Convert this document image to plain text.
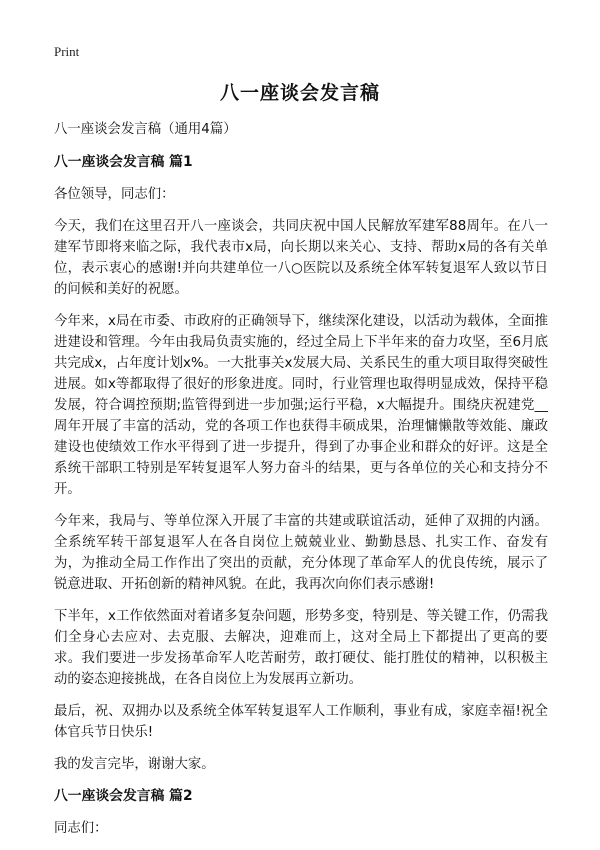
Print
八一座谈会发言稿

八一座谈会发言稿（通用4篇）

八一座谈会发言稿 篇1

各位领导，同志们：

今天，我们在这里召开八一座谈会，共同庆祝中国人民解放军建军88周年。在八一建军节即将来临之际，我代表市x局，向长期以来关心、支持、帮助x局的各有关单位，表示衷心的感谢!并向共建单位一八○医院以及系统全体军转复退军人致以节日的问候和美好的祝愿。

今年来，x局在市委、市政府的正确领导下，继续深化建设，以活动为载体，全面推进建设和管理。今年由我局负责实施的，经过全局上下半年来的奋力攻坚，至6月底共完成x，占年度计划x%。一大批事关x发展大局、关系民生的重大项目取得突破性进展。如x等都取得了很好的形象进度。同时，行业管理也取得明显成效，保持平稳发展，符合调控预期;监管得到进一步加强;运行平稳，x大幅提升。围绕庆祝建党__周年开展了丰富的活动，党的各项工作也获得丰硕成果，治理慵懒散等效能、廉政建设也使绩效工作水平得到了进一步提升，得到了办事企业和群众的好评。这是全系统干部职工特别是军转复退军人努力奋斗的结果，更与各单位的关心和支持分不开。

今年来，我局与、等单位深入开展了丰富的共建或联谊活动，延伸了双拥的内涵。全系统军转干部复退军人在各自岗位上兢兢业业、勤勤恳恳、扎实工作、奋发有为，为推动全局工作作出了突出的贡献，充分体现了革命军人的优良传统，展示了锐意进取、开拓创新的精神风貌。在此，我再次向你们表示感谢!

下半年，x工作依然面对着诸多复杂问题，形势多变，特别是、等关键工作，仍需我们全身心去应对、去克服、去解决，迎难而上，这对全局上下都提出了更高的要求。我们要进一步发扬革命军人吃苦耐劳，敢打硬仗、能打胜仗的精神，以积极主动的姿态迎接挑战，在各自岗位上为发展再立新功。

最后，祝、双拥办以及系统全体军转复退军人工作顺利，事业有成，家庭幸福!祝全体官兵节日快乐!

我的发言完毕，谢谢大家。

八一座谈会发言稿 篇2

同志们：
